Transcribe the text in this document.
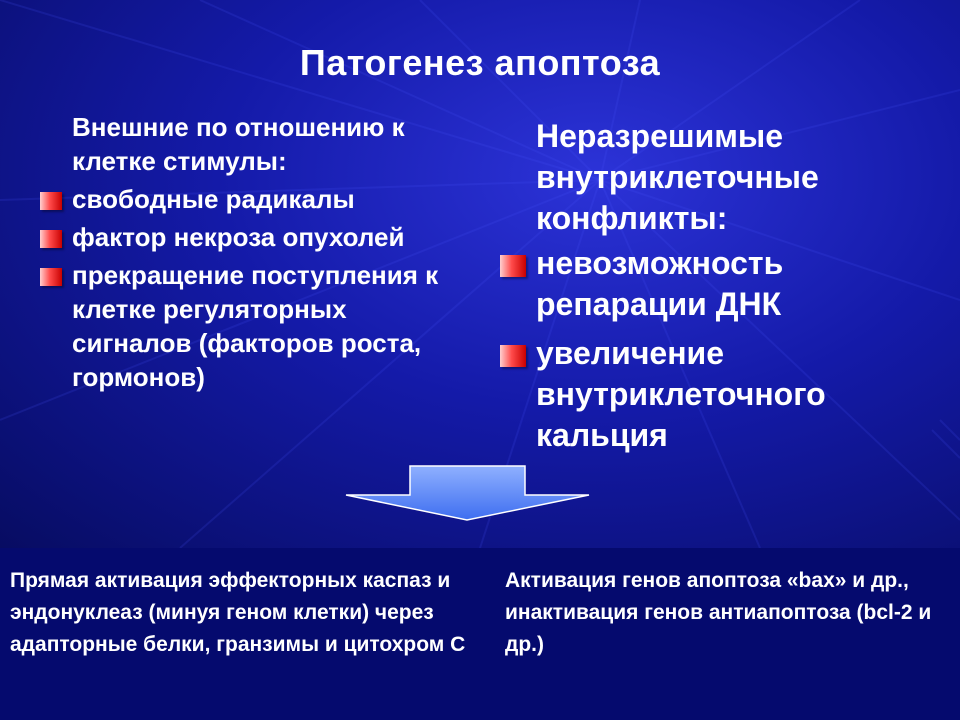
Патогенез апоптоза
Внешние по отношению к клетке стимулы:
свободные радикалы
фактор некроза опухолей
прекращение поступления к клетке регуляторных сигналов (факторов роста, гормонов)
Неразрешимые внутриклеточные конфликты:
невозможность репарации ДНК
увеличение внутриклеточного кальция
Прямая активация эффекторных каспаз и эндонуклеаз (минуя геном клетки) через адапторные белки, гранзимы и цитохром С
Активация генов апоптоза «bax» и др., инактивация генов антиапоптоза (bcl-2 и др.)
